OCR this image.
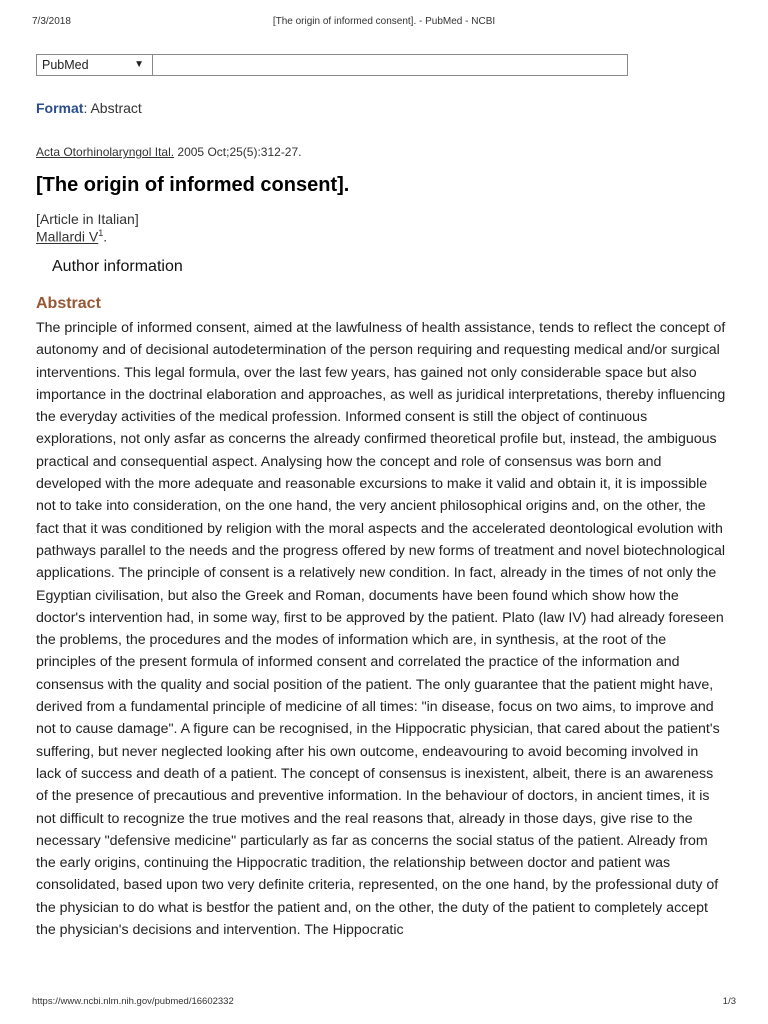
7/3/2018	[The origin of informed consent]. - PubMed - NCBI
PubMed	▼
Format: Abstract
Acta Otorhinolaryngol Ital. 2005 Oct;25(5):312-27.
[The origin of informed consent].
[Article in Italian]
Mallardi $V^1$.
Author information
Abstract

The principle of informed consent, aimed at the lawfulness of health assistance, tends to reflect the concept of autonomy and of decisional autodetermination of the person requiring and requesting medical and/or surgical interventions. This legal formula, over the last few years, has gained not only considerable space but also importance in the doctrinal elaboration and approaches, as well as juridical interpretations, thereby influencing the everyday activities of the medical profession. Informed consent is still the object of continuous explorations, not only asfar as concerns the already confirmed theoretical profile but, instead, the ambiguous practical and consequential aspect. Analysing how the concept and role of consensus was born and developed with the more adequate and reasonable excursions to make it valid and obtain it, it is impossible not to take into consideration, on the one hand, the very ancient philosophical origins and, on the other, the fact that it was conditioned by religion with the moral aspects and the accelerated deontological evolution with pathways parallel to the needs and the progress offered by new forms of treatment and novel biotechnological applications. The principle of consent is a relatively new condition. In fact, already in the times of not only the Egyptian civilisation, but also the Greek and Roman, documents have been found which show how the doctor's intervention had, in some way, first to be approved by the patient. Plato (law IV) had already foreseen the problems, the procedures and the modes of information which are, in synthesis, at the root of the principles of the present formula of informed consent and correlated the practice of the information and consensus with the quality and social position of the patient. The only guarantee that the patient might have, derived from a fundamental principle of medicine of all times: "in disease, focus on two aims, to improve and not to cause damage". A figure can be recognised, in the Hippocratic physician, that cared about the patient's suffering, but never neglected looking after his own outcome, endeavouring to avoid becoming involved in lack of success and death of a patient. The concept of consensus is inexistent, albeit, there is an awareness of the presence of precautious and preventive information. In the behaviour of doctors, in ancient times, it is not difficult to recognize the true motives and the real reasons that, already in those days, give rise to the necessary "defensive medicine" particularly as far as concerns the social status of the patient. Already from the early origins, continuing the Hippocratic tradition, the relationship between doctor and patient was consolidated, based upon two very definite criteria, represented, on the one hand, by the professional duty of the physician to do what is bestfor the patient and, on the other, the duty of the patient to completely accept the physician's decisions and intervention. The Hippocratic

https://www.ncbi.nlm.nih.gov/pubmed/16602332	1/3
